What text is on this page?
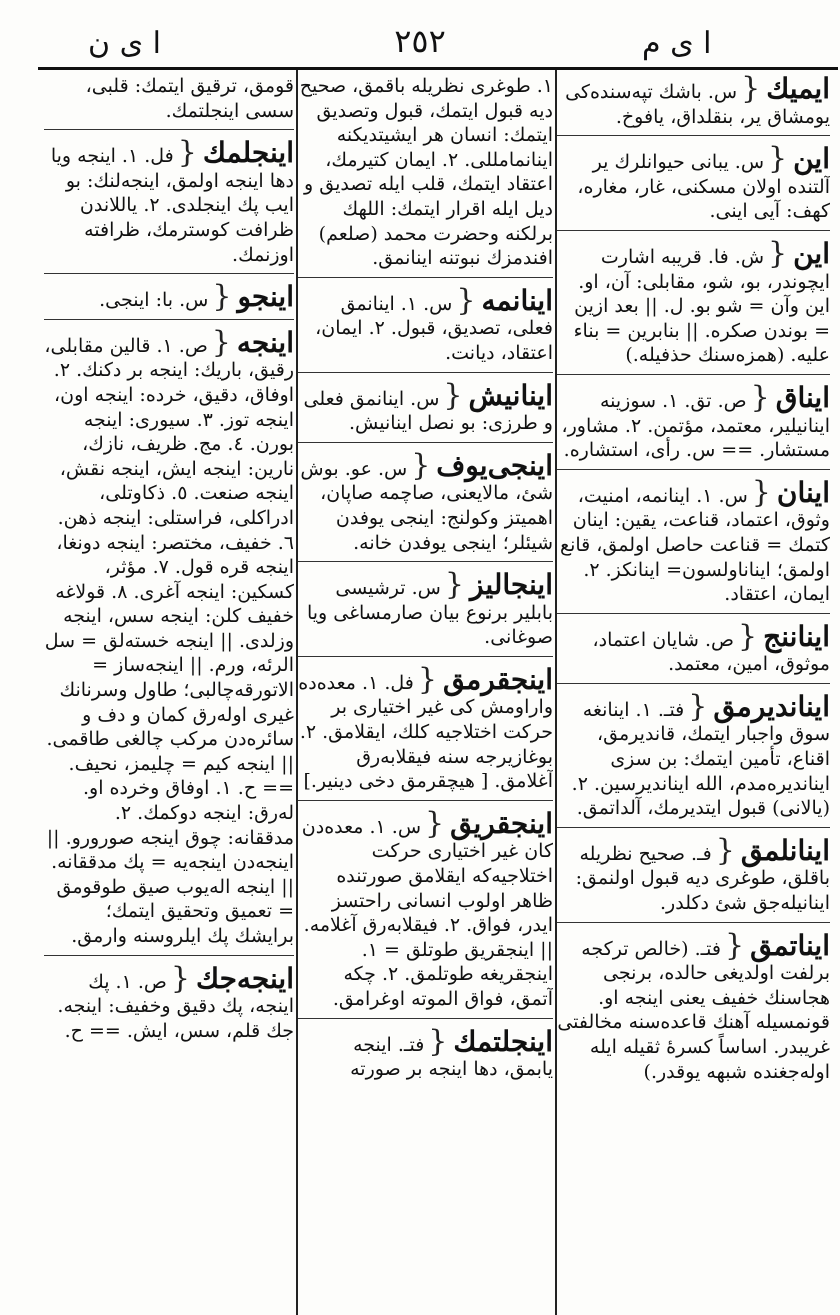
ا ی ن	٢٥٢	ا ی م
ایمیك{س. باشك تپه‌سنده‌كى يومشاق ير، بنقلداق، يافوخ.
این{س. يبانى حيوانلرك ير آلتنده اولان مسكنى، غار، مغاره، كهف: آيى اينى.
این{ش. فا. قريبه اشارت ايچوندر، بو، شو، مقابلى: آن، او. اين وآن = شو بو. ل. || بعد ازين = بوندن صكره. || بنابرين = بناء عليه. (همزه‌سنك حذفيله.)
ایناق{ص. تق. ١. سوزينه اينا‌نيلير، معتمد، مؤتمن. ٢. مشاور، مستشار. == س. رأى، استشاره.
اینان{س. ١. اينانمه، امنيت، وثوق، اعتماد، قناعت، يقين: اينان كتمك = قناعت حاصل اولمق، قانع اولمق؛ ايناناولسون= اينانكز. ٢. ايمان، اعتقاد.
ایناننج{ص. شايان اعتماد، موثوق، امين، معتمد.
ایناندیرمق{فتـ. ١. اينانغه سوق واجبار ايتمك، قانديرمق، اقناع، تأمين ايتمك: بن سزى اينانديره‌مدم، الله اينانديرسين. ٢. (يالانى) قبول ايتديرمك، آلداتمق.
اینانلمق{فـ. صحيح نظريله باقلق، طوغرى ديه قبول اولنمق: اينانيله‌جق شئ دكلدر.
ایناتمق{فتـ. (خالص تركجه برلفت اولديغى حالده، برنجى هجاسنك خفيف يعنى اينجه او. قونمسيله آهنك قاعده‌سنه مخالفتى غريبدر. اساساً كسرهٔ ثقيله ايله اوله‌جغنده شبهه يوقدر.)
١. طوغرى نظريله باقمق، صحيح ديه قبول ايتمك، قبول وتصديق ايتمك: انسان هر ايشيتديكنه اينانمامللى. ٢. ايمان كتيرمك، اعتقاد ايتمك، قلب ايله تصديق و ديل ايله اقرار ايتمك: اللهك برلكنه وحضرت محمد (صلعم) افندمزك نبوتنه اينانمق.
اینانمه{س. ١. اينانمق فعلى، تصديق، قبول. ٢. ايمان، اعتقاد، ديانت.
اینانیش{س. اينانمق فعلى و طرزى: بو نصل اينا‌نيش.
اینجی‌یوف{س. عو. بوش شئ، مالايعنى، صاچمه صاپان، اهميتز وكولنج: اينجى يوفدن شيئلر؛ اينجى يوفدن خانه.
اینجالیز{س. ترشيسى بابلير برنوع بيان صارمساغى ويا صوغانى.
اینجقرمق{فل. ١. معده‌ده واراومش كى غير اختيارى بر حركت اختلاجيه كلك، ايقلامق. ٢. بوغازيرجه سنه فيقلابه‌رق آغلامق. [ هيچقرمق دخى دينير.]
اینجقریق{س. ١. معده‌دن كان غير اختيارى حركت اختلاجيه‌كه ايقلامق صورتنده ظاهر اولوب انسانى راحتسز ايدر، فواق. ٢. فيقلابه‌رق آغلامه. || اينجقريق طوتلق = ١. اينجقريغه طوتلمق. ٢. چكه آتمق، فواق الموته اوغرامق.
اینجلتمك{فتـ. اينجه يابمق، دها اينجه بر صورته
قومق، ترقيق ايتمك: قلبى، سسى اينجلتمك.
اینجلمك{فل. ١. اينجه ويا دها اينجه اولمق، اينجه‌لنك: بو ايب پك اينجلدى. ٢. ياللاندن ظرافت كوسترمك، ظرافته اوزنمك.
اینجو{س. با: اينجى.
اینجه{ص. ١. قالين مقابلى، رقيق، باريك: اينجه بر دكنك. ٢. اوفاق، دقيق، خرده: اينجه اون، اينجه توز. ٣. سيورى: اينجه بورن. ٤. مج. ظريف، نازك، نارين: اينجه ايش، اينجه نقش، اينجه صنعت. ٥. ذكاوتلى، ادراكلى، فرا‌ستلى: اينجه ذهن. ٦. خفيف، مختصر: اينجه دونغا، اينجه قره قول. ٧. مؤثر، كسكين: اينجه آغرى. ٨. قولاغه خفيف كلن: اينجه سس، اينجه وزلدى. || اينجه خسته‌لق = سل الرئه، ورم. || اينجه‌ساز = الاتورقه‌چالبى؛ طاول وسرنانك غيرى اوله‌رق كمان و دف و سائره‌دن مركب چالغى طاقمى. || اينجه كيم = چليمز، نحيف. == ح. ١. اوفاق وخرده او. له‌رق: اينجه دوكمك. ٢. مدققانه: چوق اينجه صورورو. || اينجه‌دن اينجه‌يه = پك مدققانه. || اينجه اله‌يوب صيق طوقومق = تعميق وتحقيق ايتمك؛ برايشك پك ايلروسنه وارمق.
اینجه‌جك{ص. ١. پك اينجه، پك دقيق وخفيف: اينجه. جك قلم، سس، ايش. == ح.
